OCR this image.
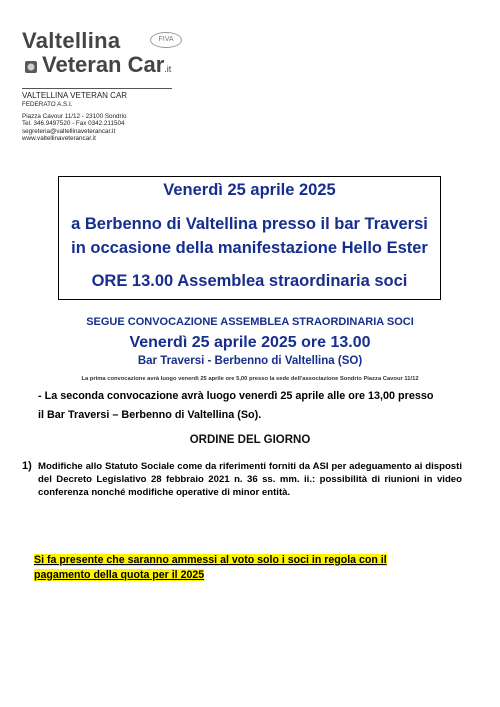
Valtellina	FIVA
Veteran Car.it
VALTELLINA VETERAN CAR
FEDERATO A.S.I.
Piazza Cavour 11/12 - 23100 Sondrio
Tel. 346.9497520 - Fax 0342.211504
segreteria@valtellinaveterancar.it
www.valtellinaveterancar.it
Venerdì 25 aprile 2025
a Berbenno di Valtellina presso il bar Traversi
in occasione della manifestazione Hello Ester
ORE 13.00 Assemblea straordinaria soci
SEGUE CONVOCAZIONE ASSEMBLEA STRAORDINARIA SOCI
Venerdì 25 aprile 2025 ore 13.00
Bar Traversi - Berbenno di Valtellina (SO)
La prima convocazione avrà luogo venerdì 25 aprile ore 5,00 presso la sede dell'associazione Sondrio Piazza Cavour 11/12
- La seconda convocazione avrà luogo venerdì 25 aprile alle ore 13,00 presso
il Bar Traversi – Berbenno di Valtellina (So).
ORDINE DEL GIORNO
1) Modifiche allo Statuto Sociale come da riferimenti forniti da ASI per adeguamento ai disposti del Decreto Legislativo 28 febbraio 2021 n. 36 ss. mm. ii.: possibilità di riunioni in video conferenza nonché modifiche operative di minor entità.
Si fa presente che saranno ammessi al voto solo i soci in regola con il
pagamento della quota per il 2025
